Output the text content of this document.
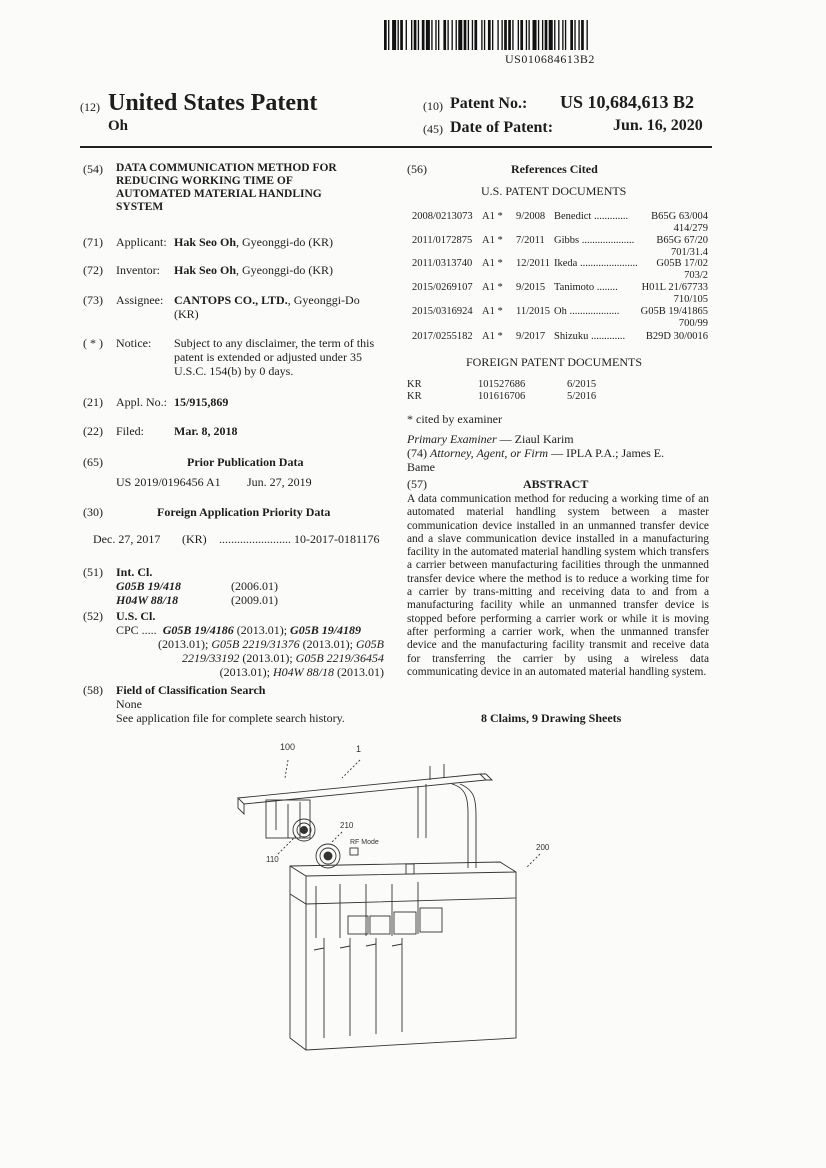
US010684613B2
(12) United States Patent
Oh
(10) Patent No.: US 10,684,613 B2
(45) Date of Patent:	Jun. 16, 2020
(54) DATA COMMUNICATION METHOD FOR
REDUCING WORKING TIME OF
AUTOMATED MATERIAL HANDLING
SYSTEM
(71) Applicant: Hak Seo Oh, Gyeonggi-do (KR)
(72) Inventor: Hak Seo Oh, Gyeonggi-do (KR)
(73) Assignee: CANTOPS CO., LTD., Gyeonggi-Do
(KR)
( * ) Notice: Subject to any disclaimer, the term of this
patent is extended or adjusted under 35
U.S.C. 154(b) by 0 days.
(21) Appl. No.: 15/915,869
(22) Filed: Mar. 8, 2018
(65)	Prior Publication Data
US 2019/0196456 A1 Jun. 27, 2019
(30)	Foreign Application Priority Data
Dec. 27, 2017 (KR) ........................ 10-2017-0181176
(51) Int. Cl.
G05B 19/418	(2006.01)
H04W 88/18	(2009.01)
(52) U.S. Cl.
CPC ..... G05B 19/4186 (2013.01); G05B 19/4189
(2013.01); G05B 2219/31376 (2013.01); G05B
2219/33192 (2013.01); G05B 2219/36454
(2013.01); H04W 88/18 (2013.01)
(58) Field of Classification Search
None
See application file for complete search history.
(56)	References Cited
U.S. PATENT DOCUMENTS
2008/0213073 A1 * 9/2008 Benedict ............. B65G 63/004
414/279
2011/0172875 A1 * 7/2011 Gibbs .................... B65G 67/20
701/31.4
2011/0313740 A1 * 12/2011 Ikeda ...................... G05B 17/02
703/2
2015/0269107 A1 * 9/2015 Tanimoto ........ H01L 21/67733
710/105
2015/0316924 A1 * 11/2015 Oh ................... G05B 19/41865
700/99
2017/0255182 A1 * 9/2017 Shizuku ............. B29D 30/0016
FOREIGN PATENT DOCUMENTS
KR	101527686	6/2015
KR	101616706	5/2016
* cited by examiner
Primary Examiner — Ziaul Karim
(74) Attorney, Agent, or Firm — IPLA P.A.; James E.
Bame
(57)	ABSTRACT
A data communication method for reducing a working time of an automated material handling system between a master communication device installed in an unmanned transfer device and a slave communication device installed in a manufacturing facility in the automated material handling system which transfers a carrier between manufacturing facilities through the unmanned transfer device where the method is to reduce a working time for a carrier by trans-mitting and receiving data to and from a manufacturing facility while an unmanned transfer device is stopped before performing a carrier work or while it is moving after performing a carrier work, when the unmanned transfer device and the manufacturing facility transmit and receive data for transferring the carrier by using a wireless data communicating device in an automated material handling system.
8 Claims, 9 Drawing Sheets
100	1
210
RF Mode
110
200
